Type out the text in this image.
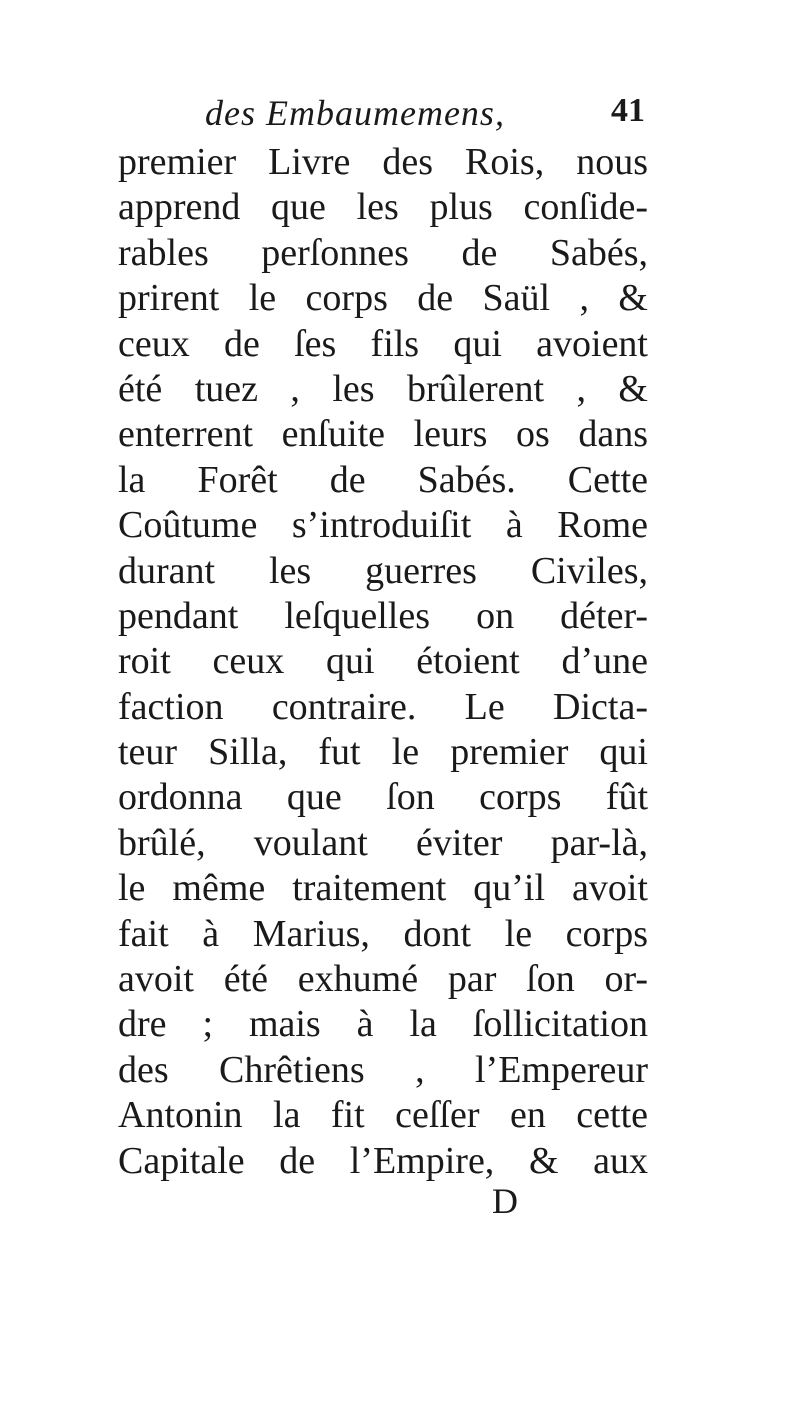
des Embaumemens,	41
premier Livre des Rois, nous
apprend que les plus conſide-
rables perſonnes de Sabés,
prirent le corps de Saül , &
ceux de ſes fils qui avoient
été tuez , les brûlerent , &
enterrent enſuite leurs os dans
la Forêt de Sabés. Cette
Coûtume s’introduiſit à Rome
durant les guerres Civiles,
pendant leſquelles on déter-
roit ceux qui étoient d’une
faction contraire. Le Dicta-
teur Silla, fut le premier qui
ordonna que ſon corps fût
brûlé, voulant éviter par-là,
le même traitement qu’il avoit
fait à Marius, dont le corps
avoit été exhumé par ſon or-
dre ; mais à la ſollicitation
des Chrêtiens , l’Empereur
Antonin la fit ceſſer en cette
Capitale de l’Empire, & aux
D
